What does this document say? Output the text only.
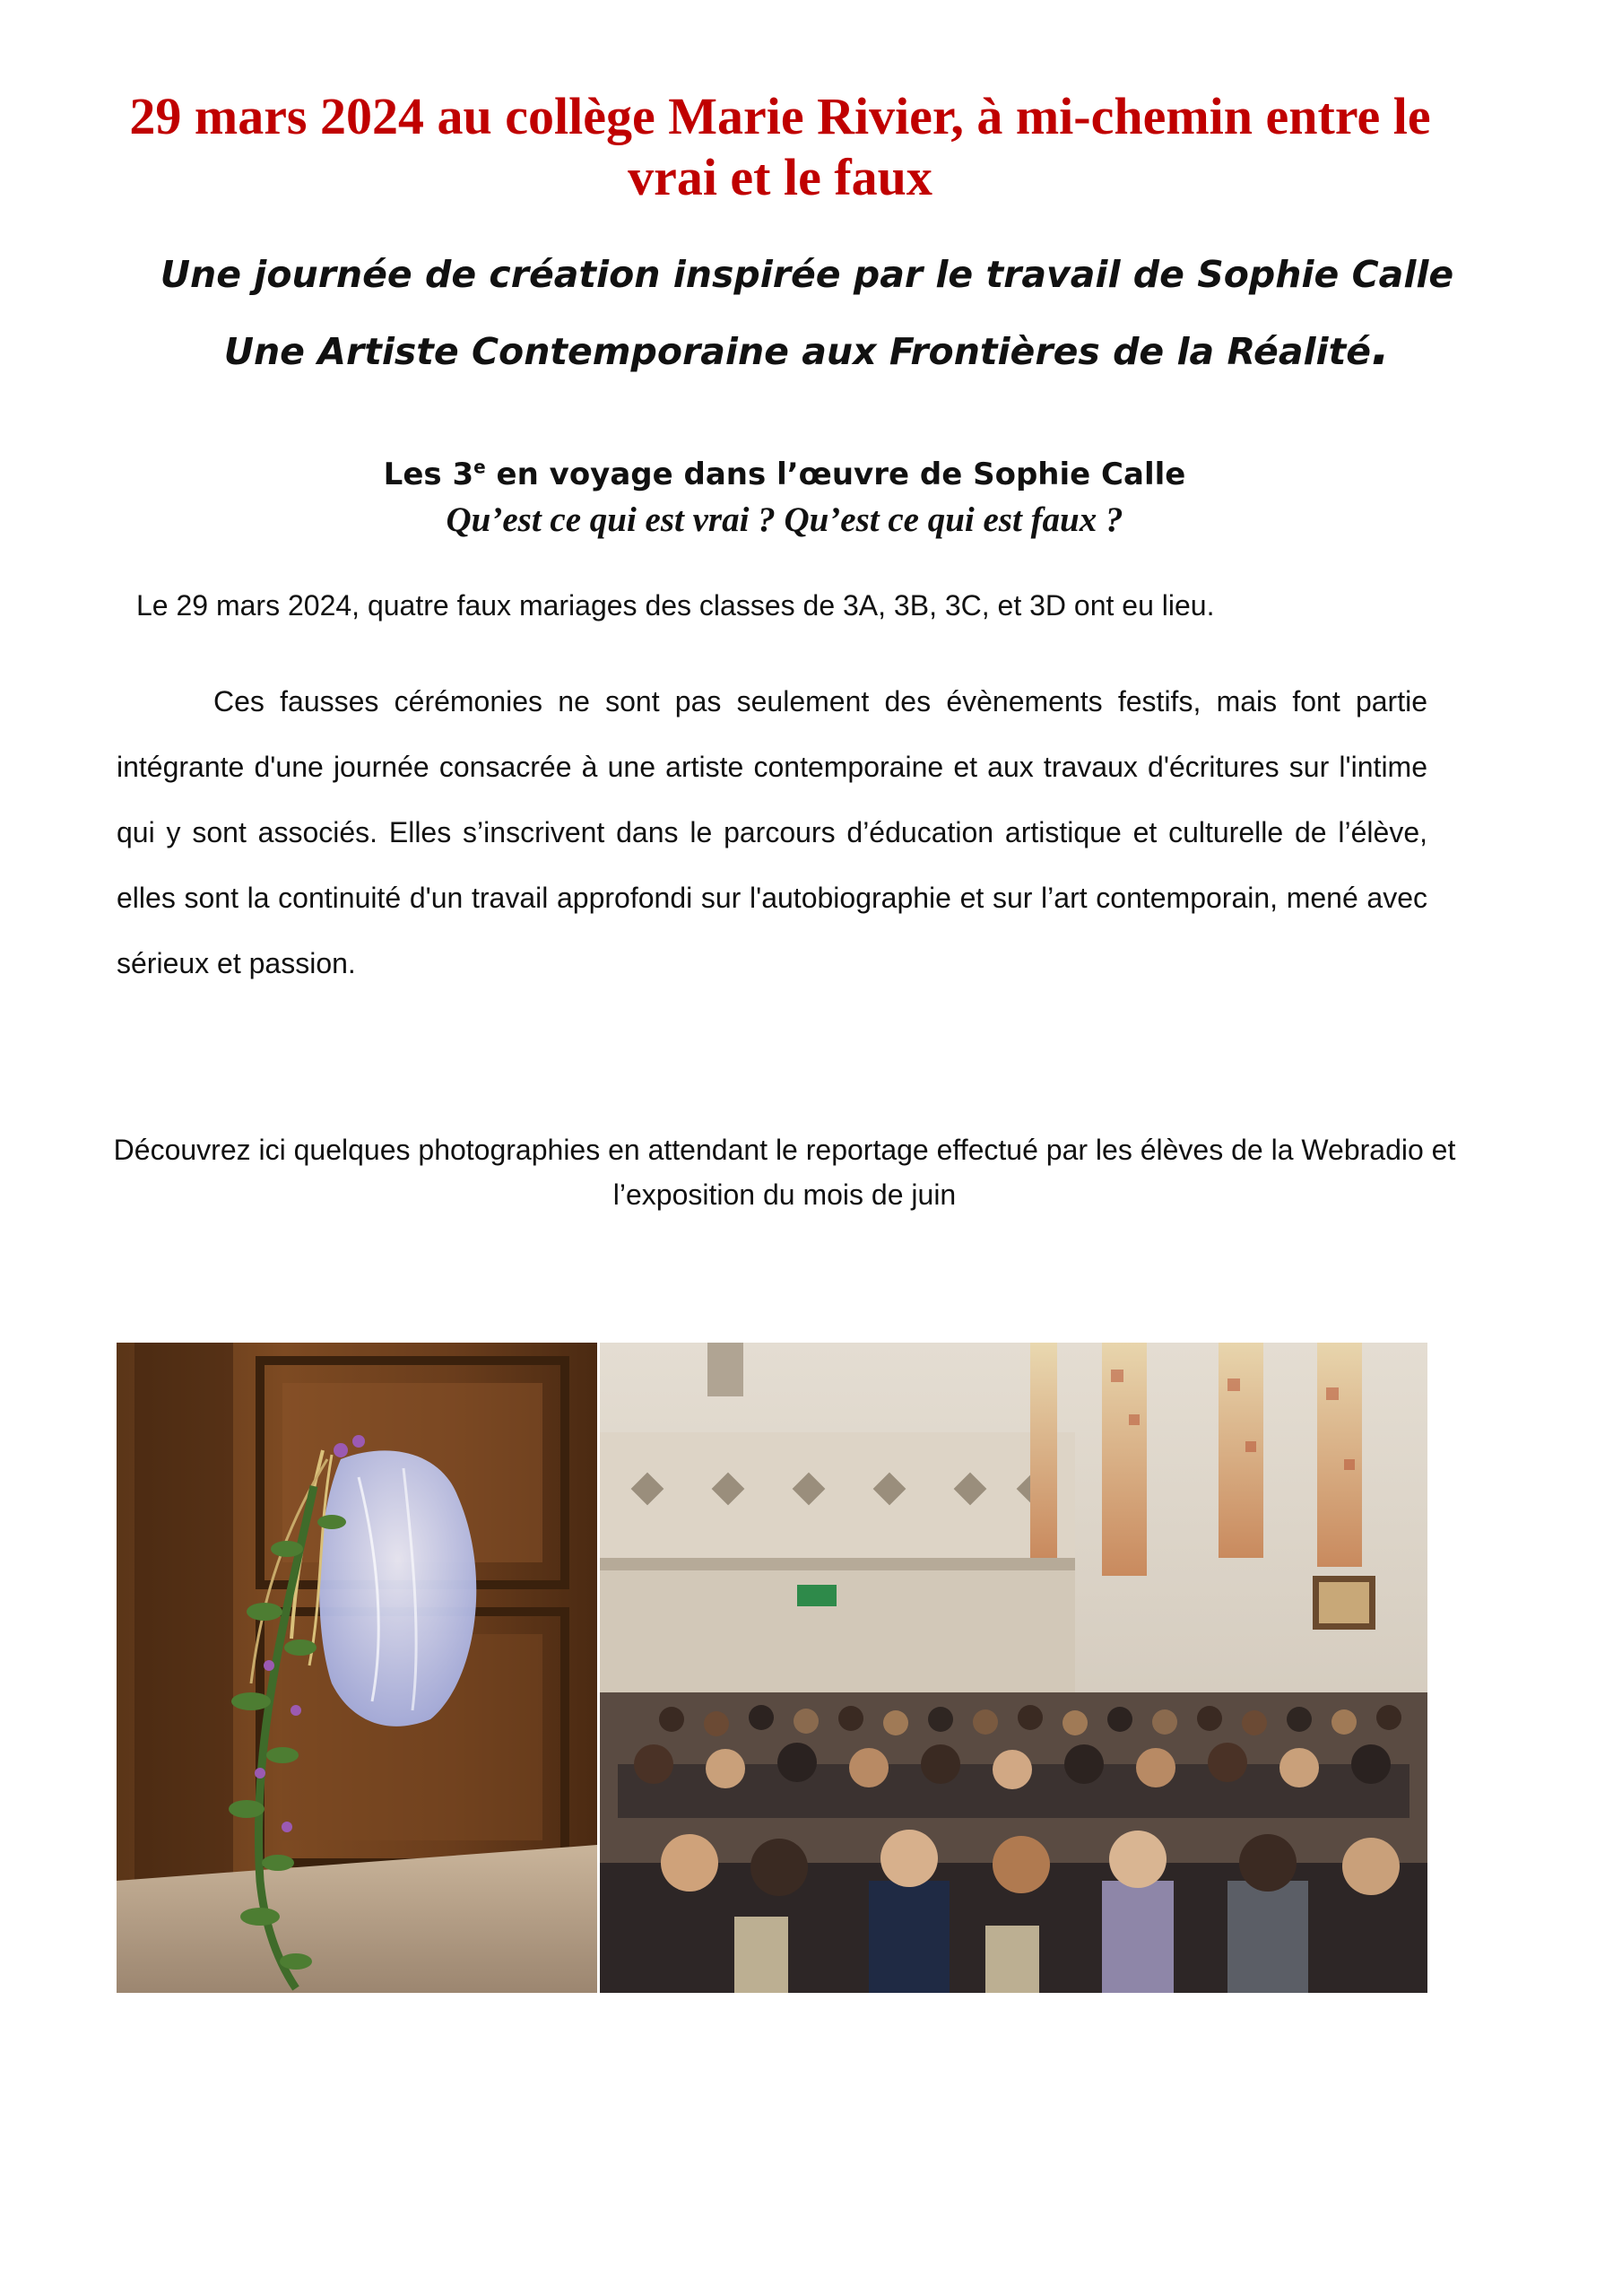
29 mars 2024 au collège Marie Rivier, à mi-chemin entre le vrai et le faux

Une journée de création inspirée par le travail de Sophie Calle

Une Artiste Contemporaine aux Frontières de la Réalité.

Les 3e en voyage dans l’œuvre de Sophie Calle

Qu’est ce qui est vrai ? Qu’est ce qui est faux ?

Le 29 mars 2024, quatre faux mariages des classes de 3A, 3B, 3C, et 3D ont eu lieu.

Ces fausses cérémonies ne sont pas seulement des évènements festifs, mais font partie intégrante d'une journée consacrée à une artiste contemporaine et aux travaux d'écritures sur l'intime qui y sont associés. Elles s’inscrivent dans le parcours d’éducation artistique et culturelle de l’élève, elles sont la continuité d'un travail approfondi sur l'autobiographie et sur l’art contemporain, mené avec sérieux et passion.

Découvrez ici quelques photographies en attendant le reportage effectué par les élèves de la Webradio et l’exposition du mois de juin
